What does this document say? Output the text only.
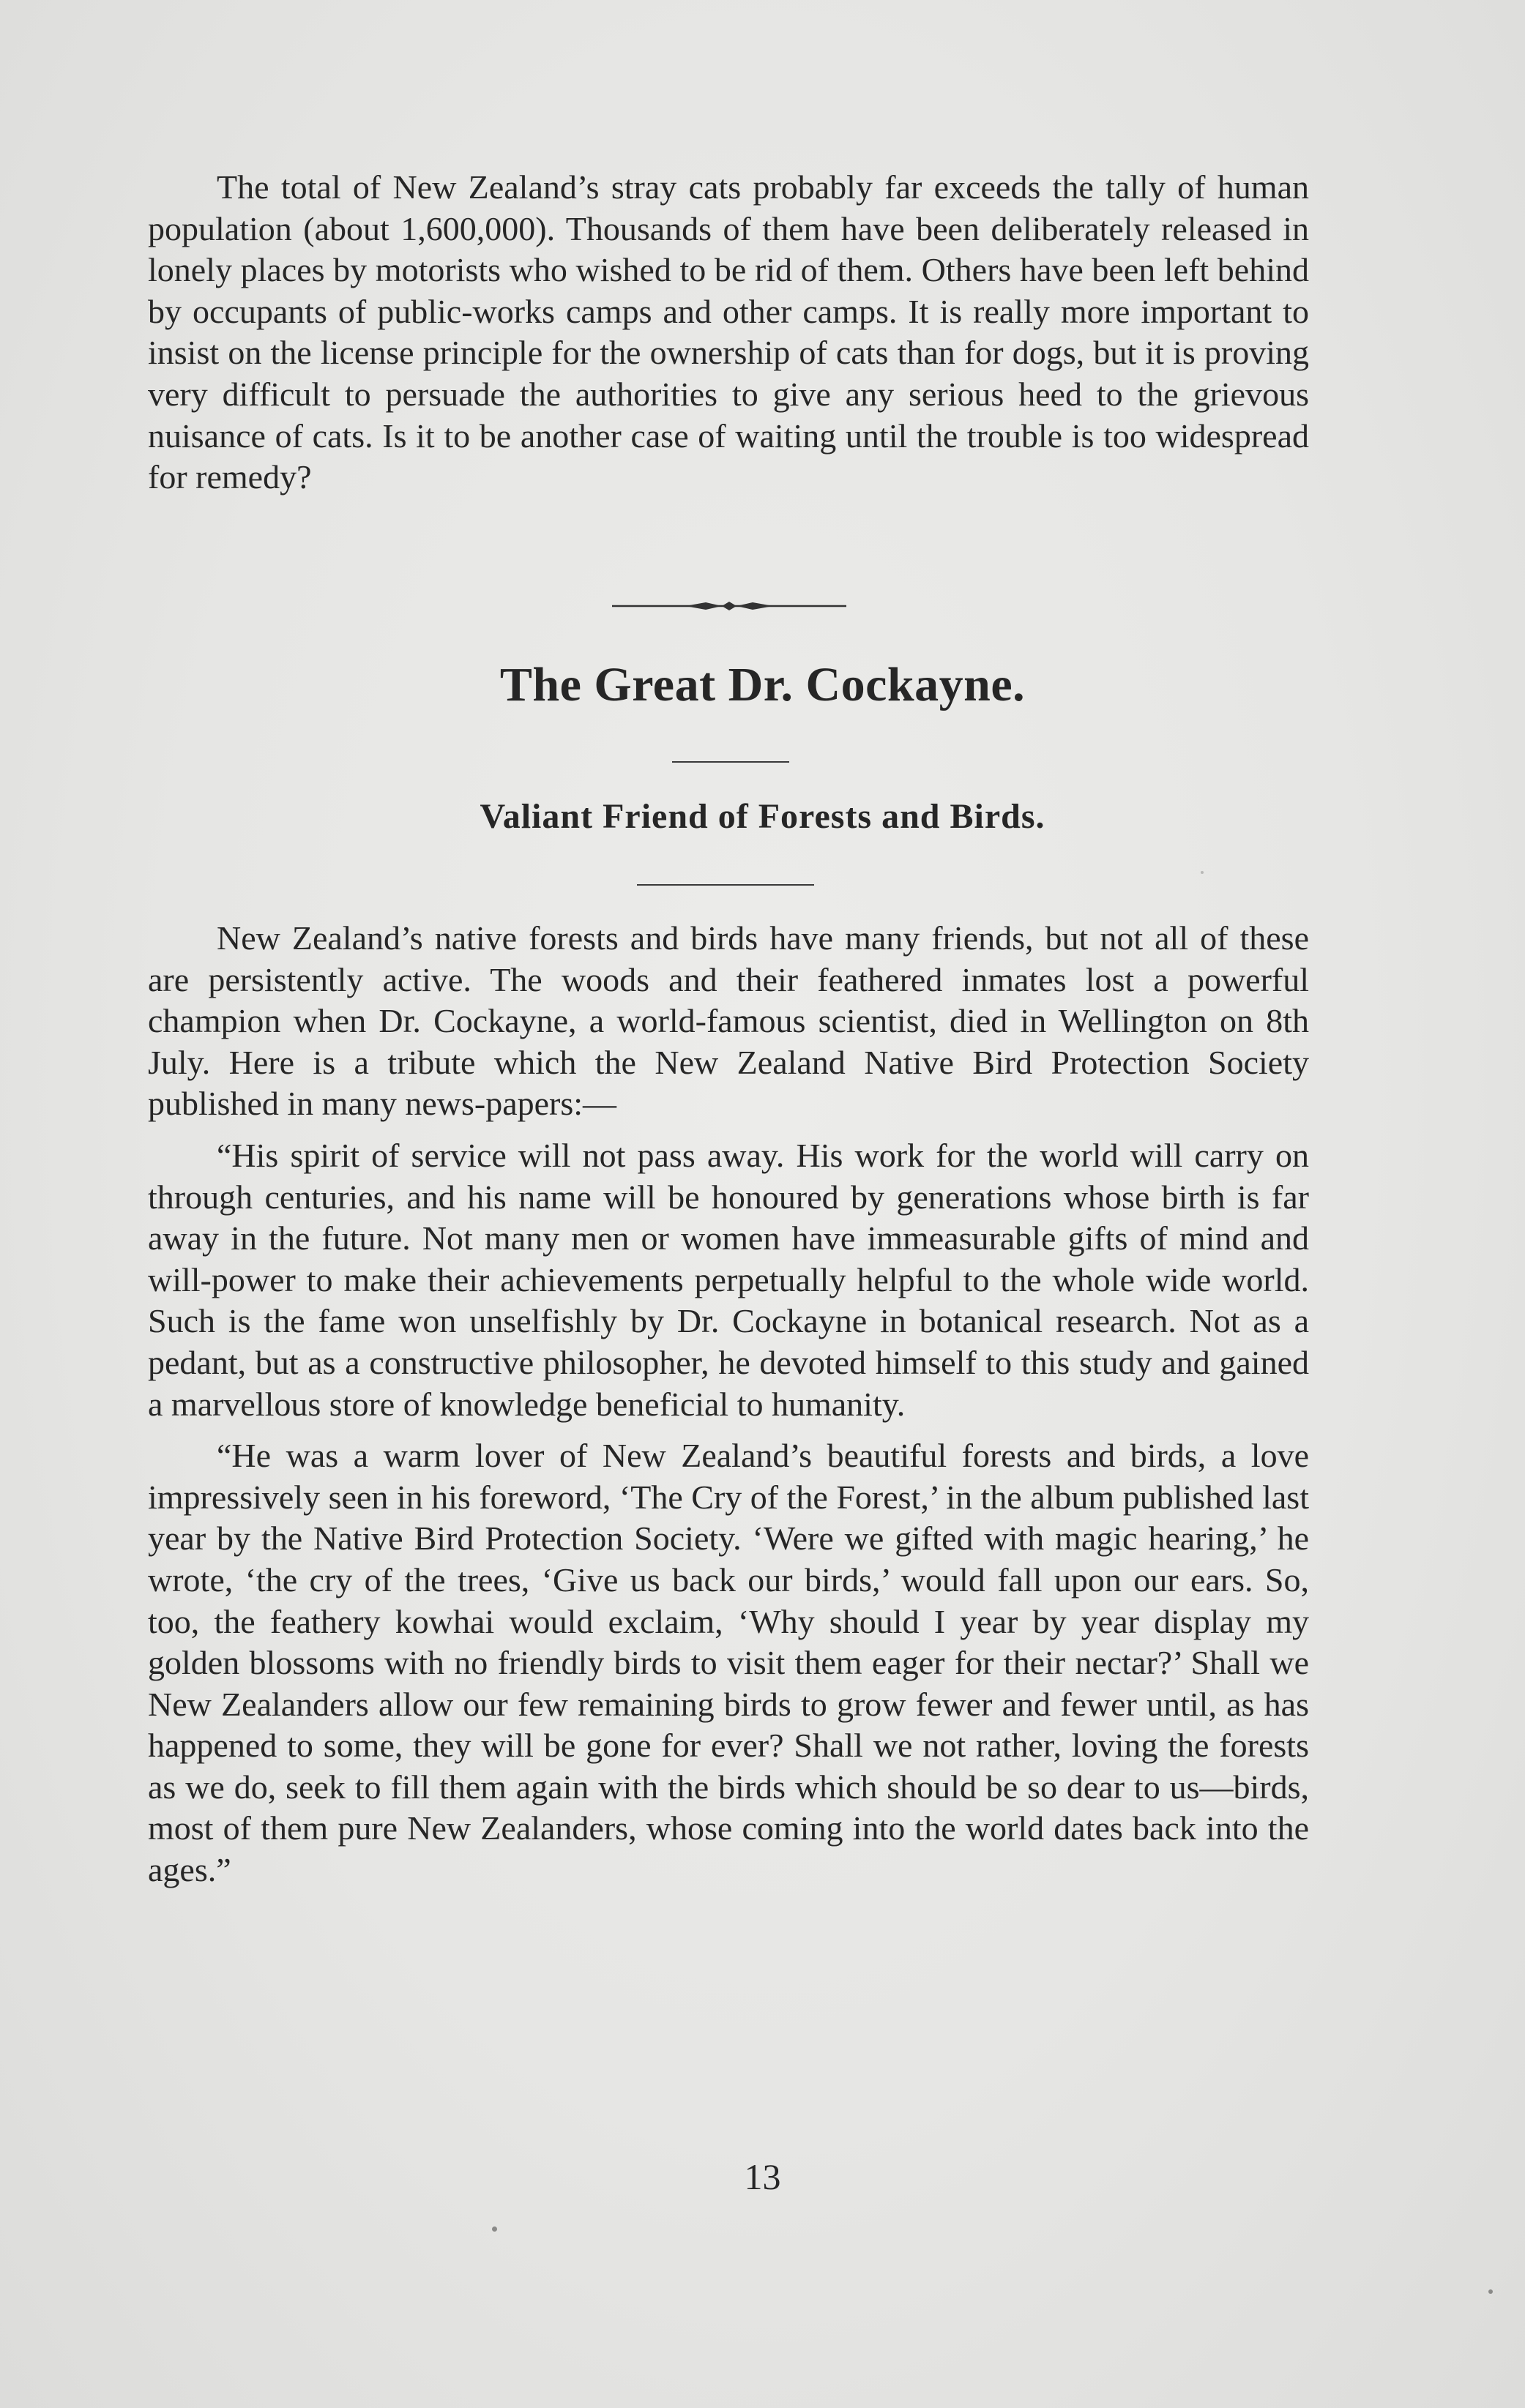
The total of New Zealand’s stray cats probably far exceeds the tally of human population (about 1,600,000). Thousands of them have been deliberately released in lonely places by motorists who wished to be rid of them. Others have been left behind by occupants of public-works camps and other camps. It is really more important to insist on the license principle for the ownership of cats than for dogs, but it is proving very difficult to persuade the authorities to give any serious heed to the grievous nuisance of cats. Is it to be another case of waiting until the trouble is too widespread for remedy?

The Great Dr. Cockayne.
Valiant Friend of Forests and Birds.

New Zealand’s native forests and birds have many friends, but not all of these are persistently active. The woods and their feathered inmates lost a powerful champion when Dr. Cockayne, a world-famous scientist, died in Wellington on 8th July. Here is a tribute which the New Zealand Native Bird Protection Society published in many news-papers:—

“His spirit of service will not pass away. His work for the world will carry on through centuries, and his name will be honoured by generations whose birth is far away in the future. Not many men or women have immeasurable gifts of mind and will-power to make their achievements perpetually helpful to the whole wide world. Such is the fame won unselfishly by Dr. Cockayne in botanical research. Not as a pedant, but as a constructive philosopher, he devoted himself to this study and gained a marvellous store of knowledge beneficial to humanity.

“He was a warm lover of New Zealand’s beautiful forests and birds, a love impressively seen in his foreword, ‘The Cry of the Forest,’ in the album published last year by the Native Bird Protection Society. ‘Were we gifted with magic hearing,’ he wrote, ‘the cry of the trees, ‘Give us back our birds,’ would fall upon our ears. So, too, the feathery kowhai would exclaim, ‘Why should I year by year display my golden blossoms with no friendly birds to visit them eager for their nectar?’ Shall we New Zealanders allow our few remaining birds to grow fewer and fewer until, as has happened to some, they will be gone for ever? Shall we not rather, loving the forests as we do, seek to fill them again with the birds which should be so dear to us—birds, most of them pure New Zealanders, whose coming into the world dates back into the ages.”

13
